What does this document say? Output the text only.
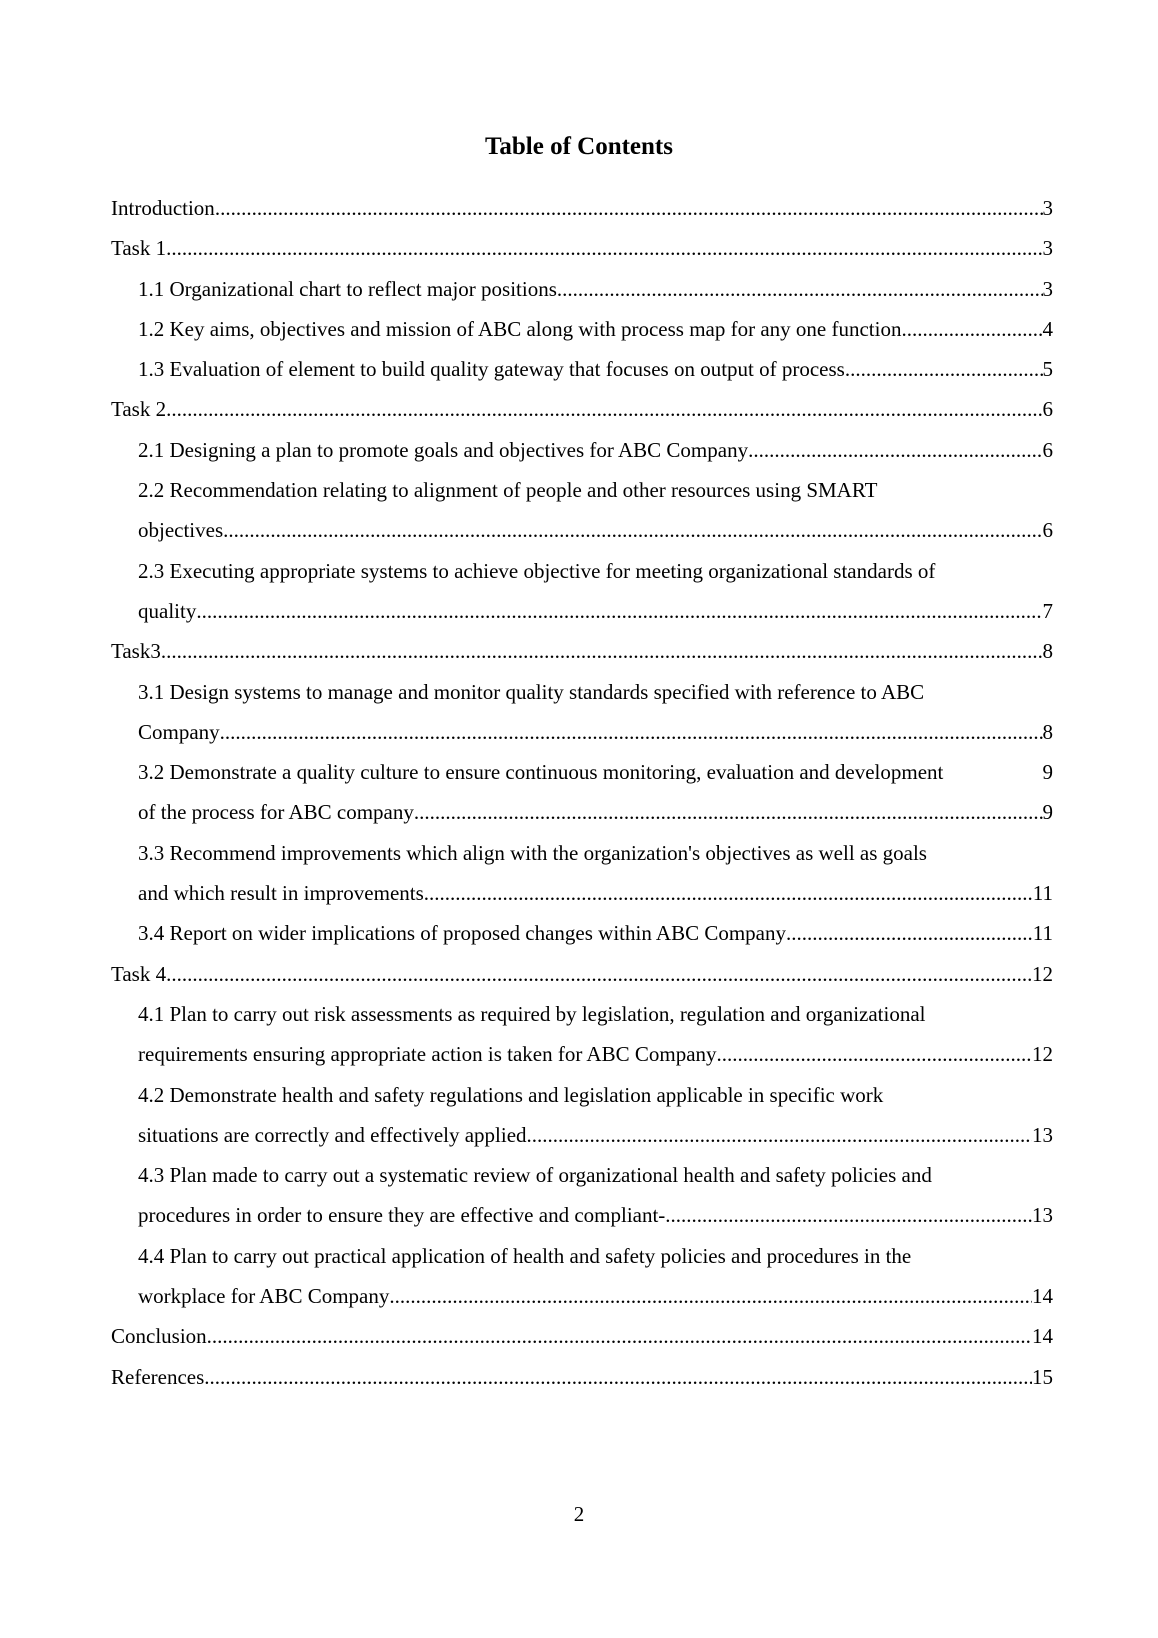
Table of Contents
Introduction .....	3
Task 1 .....	3
1.1 Organizational chart to reflect major positions .....	3
1.2 Key aims, objectives and mission of ABC along with process map for any one function .....	4
1.3 Evaluation of element to build quality gateway that focuses on output of process .....	5
Task 2 .....	6
2.1 Designing a plan to promote goals and objectives for ABC Company .....	6
2.2 Recommendation relating to alignment of people and other resources using SMART
objectives .....	6
2.3 Executing appropriate systems to achieve objective for meeting organizational standards of
quality .....	7
Task3 .....	8
3.1 Design systems to manage and monitor quality standards specified with reference to ABC
Company .....	8
3.2 Demonstrate a quality culture to ensure continuous monitoring, evaluation and development	9
of the process for ABC company .....	9
3.3 Recommend improvements which align with the organization's objectives as well as goals
and which result in improvements .....	11
3.4 Report on wider implications of proposed changes within ABC Company .....	11
Task 4 .....	12
4.1 Plan to carry out risk assessments as required by legislation, regulation and organizational
requirements ensuring appropriate action is taken for ABC Company .....	12
4.2 Demonstrate health and safety regulations and legislation applicable in specific work
situations are correctly and effectively applied .....	13
4.3 Plan made to carry out a systematic review of organizational health and safety policies and
procedures in order to ensure they are effective and compliant- .....	13
4.4 Plan to carry out practical application of health and safety policies and procedures in the
workplace for ABC Company .....	14
Conclusion .....	14
References .....	15
2
